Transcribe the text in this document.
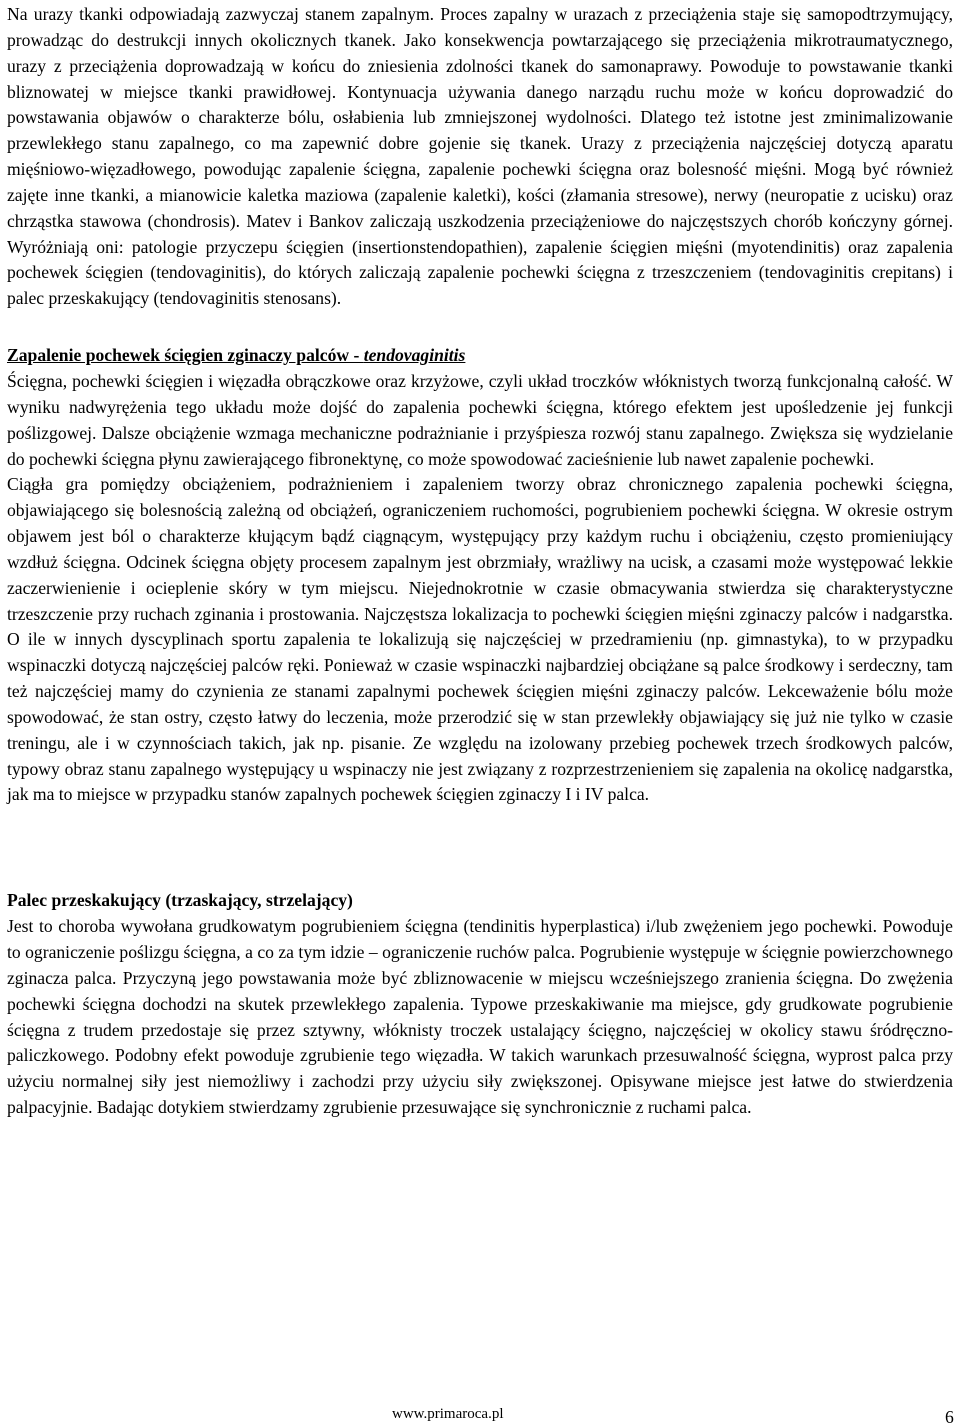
Na urazy tkanki odpowiadają zazwyczaj stanem zapalnym. Proces zapalny w urazach z przeciążenia staje się samopodtrzymujący, prowadząc do destrukcji innych okolicznych tkanek. Jako konsekwencja powtarzającego się przeciążenia mikrotraumatycznego, urazy z przeciążenia doprowadzają w końcu do zniesienia zdolności tkanek do samonaprawy. Powoduje to powstawanie tkanki bliznowatej w miejsce tkanki prawidłowej. Kontynuacja używania danego narządu ruchu może w końcu doprowadzić do powstawania objawów o charakterze bólu, osłabienia lub zmniejszonej wydolności. Dlatego też istotne jest zminimalizowanie przewlekłego stanu zapalnego, co ma zapewnić dobre gojenie się tkanek. Urazy z przeciążenia najczęściej dotyczą aparatu mięśniowo-więzadłowego, powodując zapalenie ścięgna, zapalenie pochewki ścięgna oraz bolesność mięśni. Mogą być również zajęte inne tkanki, a mianowicie kaletka maziowa (zapalenie kaletki), kości (złamania stresowe), nerwy (neuropatie z ucisku) oraz chrząstka stawowa (chondrosis). Matev i Bankov zaliczają uszkodzenia przeciążeniowe do najczęstszych chorób kończyny górnej. Wyróżniają oni: patologie przyczepu ścięgien (insertionstendopathien), zapalenie ścięgien mięśni (myotendinitis) oraz zapalenia pochewek ścięgien (tendovaginitis), do których zaliczają zapalenie pochewki ścięgna z trzeszczeniem (tendovaginitis crepitans) i palec przeskakujący (tendovaginitis stenosans).

Zapalenie pochewek ścięgien zginaczy palców - tendovaginitis

Ścięgna, pochewki ścięgien i więzadła obrączkowe oraz krzyżowe, czyli układ troczków włóknistych tworzą funkcjonalną całość. W wyniku nadwyrężenia tego układu może dojść do zapalenia pochewki ścięgna, którego efektem jest upośledzenie jej funkcji poślizgowej. Dalsze obciążenie wzmaga mechaniczne podrażnianie i przyśpiesza rozwój stanu zapalnego. Zwiększa się wydzielanie do pochewki ścięgna płynu zawierającego fibronektynę, co może spowodować zacieśnienie lub nawet zapalenie pochewki.

Ciągła gra pomiędzy obciążeniem, podrażnieniem i zapaleniem tworzy obraz chronicznego zapalenia pochewki ścięgna, objawiającego się bolesnością zależną od obciążeń, ograniczeniem ruchomości, pogrubieniem pochewki ścięgna. W okresie ostrym objawem jest ból o charakterze kłującym bądź ciągnącym, występujący przy każdym ruchu i obciążeniu, często promieniujący wzdłuż ścięgna. Odcinek ścięgna objęty procesem zapalnym jest obrzmiały, wrażliwy na ucisk, a czasami może występować lekkie zaczerwienienie i ocieplenie skóry w tym miejscu. Niejednokrotnie w czasie obmacywania stwierdza się charakterystyczne trzeszczenie przy ruchach zginania i prostowania. Najczęstsza lokalizacja to pochewki ścięgien mięśni zginaczy palców i nadgarstka. O ile w innych dyscyplinach sportu zapalenia te lokalizują się najczęściej w przedramieniu (np. gimnastyka), to w przypadku wspinaczki dotyczą najczęściej palców ręki. Ponieważ w czasie wspinaczki najbardziej obciążane są palce środkowy i serdeczny, tam też najczęściej mamy do czynienia ze stanami zapalnymi pochewek ścięgien mięśni zginaczy palców. Lekceważenie bólu może spowodować, że stan ostry, często łatwy do leczenia, może przerodzić się w stan przewlekły objawiający się już nie tylko w czasie treningu, ale i w czynnościach takich, jak np. pisanie. Ze względu na izolowany przebieg pochewek trzech środkowych palców, typowy obraz stanu zapalnego występujący u wspinaczy nie jest związany z rozprzestrzenieniem się zapalenia na okolicę nadgarstka, jak ma to miejsce w przypadku stanów zapalnych pochewek ścięgien zginaczy I i IV palca.

Palec przeskakujący (trzaskający, strzelający)

Jest to choroba wywołana grudkowatym pogrubieniem ścięgna (tendinitis hyperplastica) i/lub zwężeniem jego pochewki. Powoduje to ograniczenie poślizgu ścięgna, a co za tym idzie – ograniczenie ruchów palca. Pogrubienie występuje w ścięgnie powierzchownego zginacza palca. Przyczyną jego powstawania może być zbliznowacenie w miejscu wcześniejszego zranienia ścięgna. Do zwężenia pochewki ścięgna dochodzi na skutek przewlekłego zapalenia. Typowe przeskakiwanie ma miejsce, gdy grudkowate pogrubienie ścięgna z trudem przedostaje się przez sztywny, włóknisty troczek ustalający ścięgno, najczęściej w okolicy stawu śródręczno-paliczkowego. Podobny efekt powoduje zgrubienie tego więzadła. W takich warunkach przesuwalność ścięgna, wyprost palca przy użyciu normalnej siły jest niemożliwy i zachodzi przy użyciu siły zwiększonej. Opisywane miejsce jest łatwe do stwierdzenia palpacyjnie. Badając dotykiem stwierdzamy zgrubienie przesuwające się synchronicznie z ruchami palca.

www.primaroca.pl	6
